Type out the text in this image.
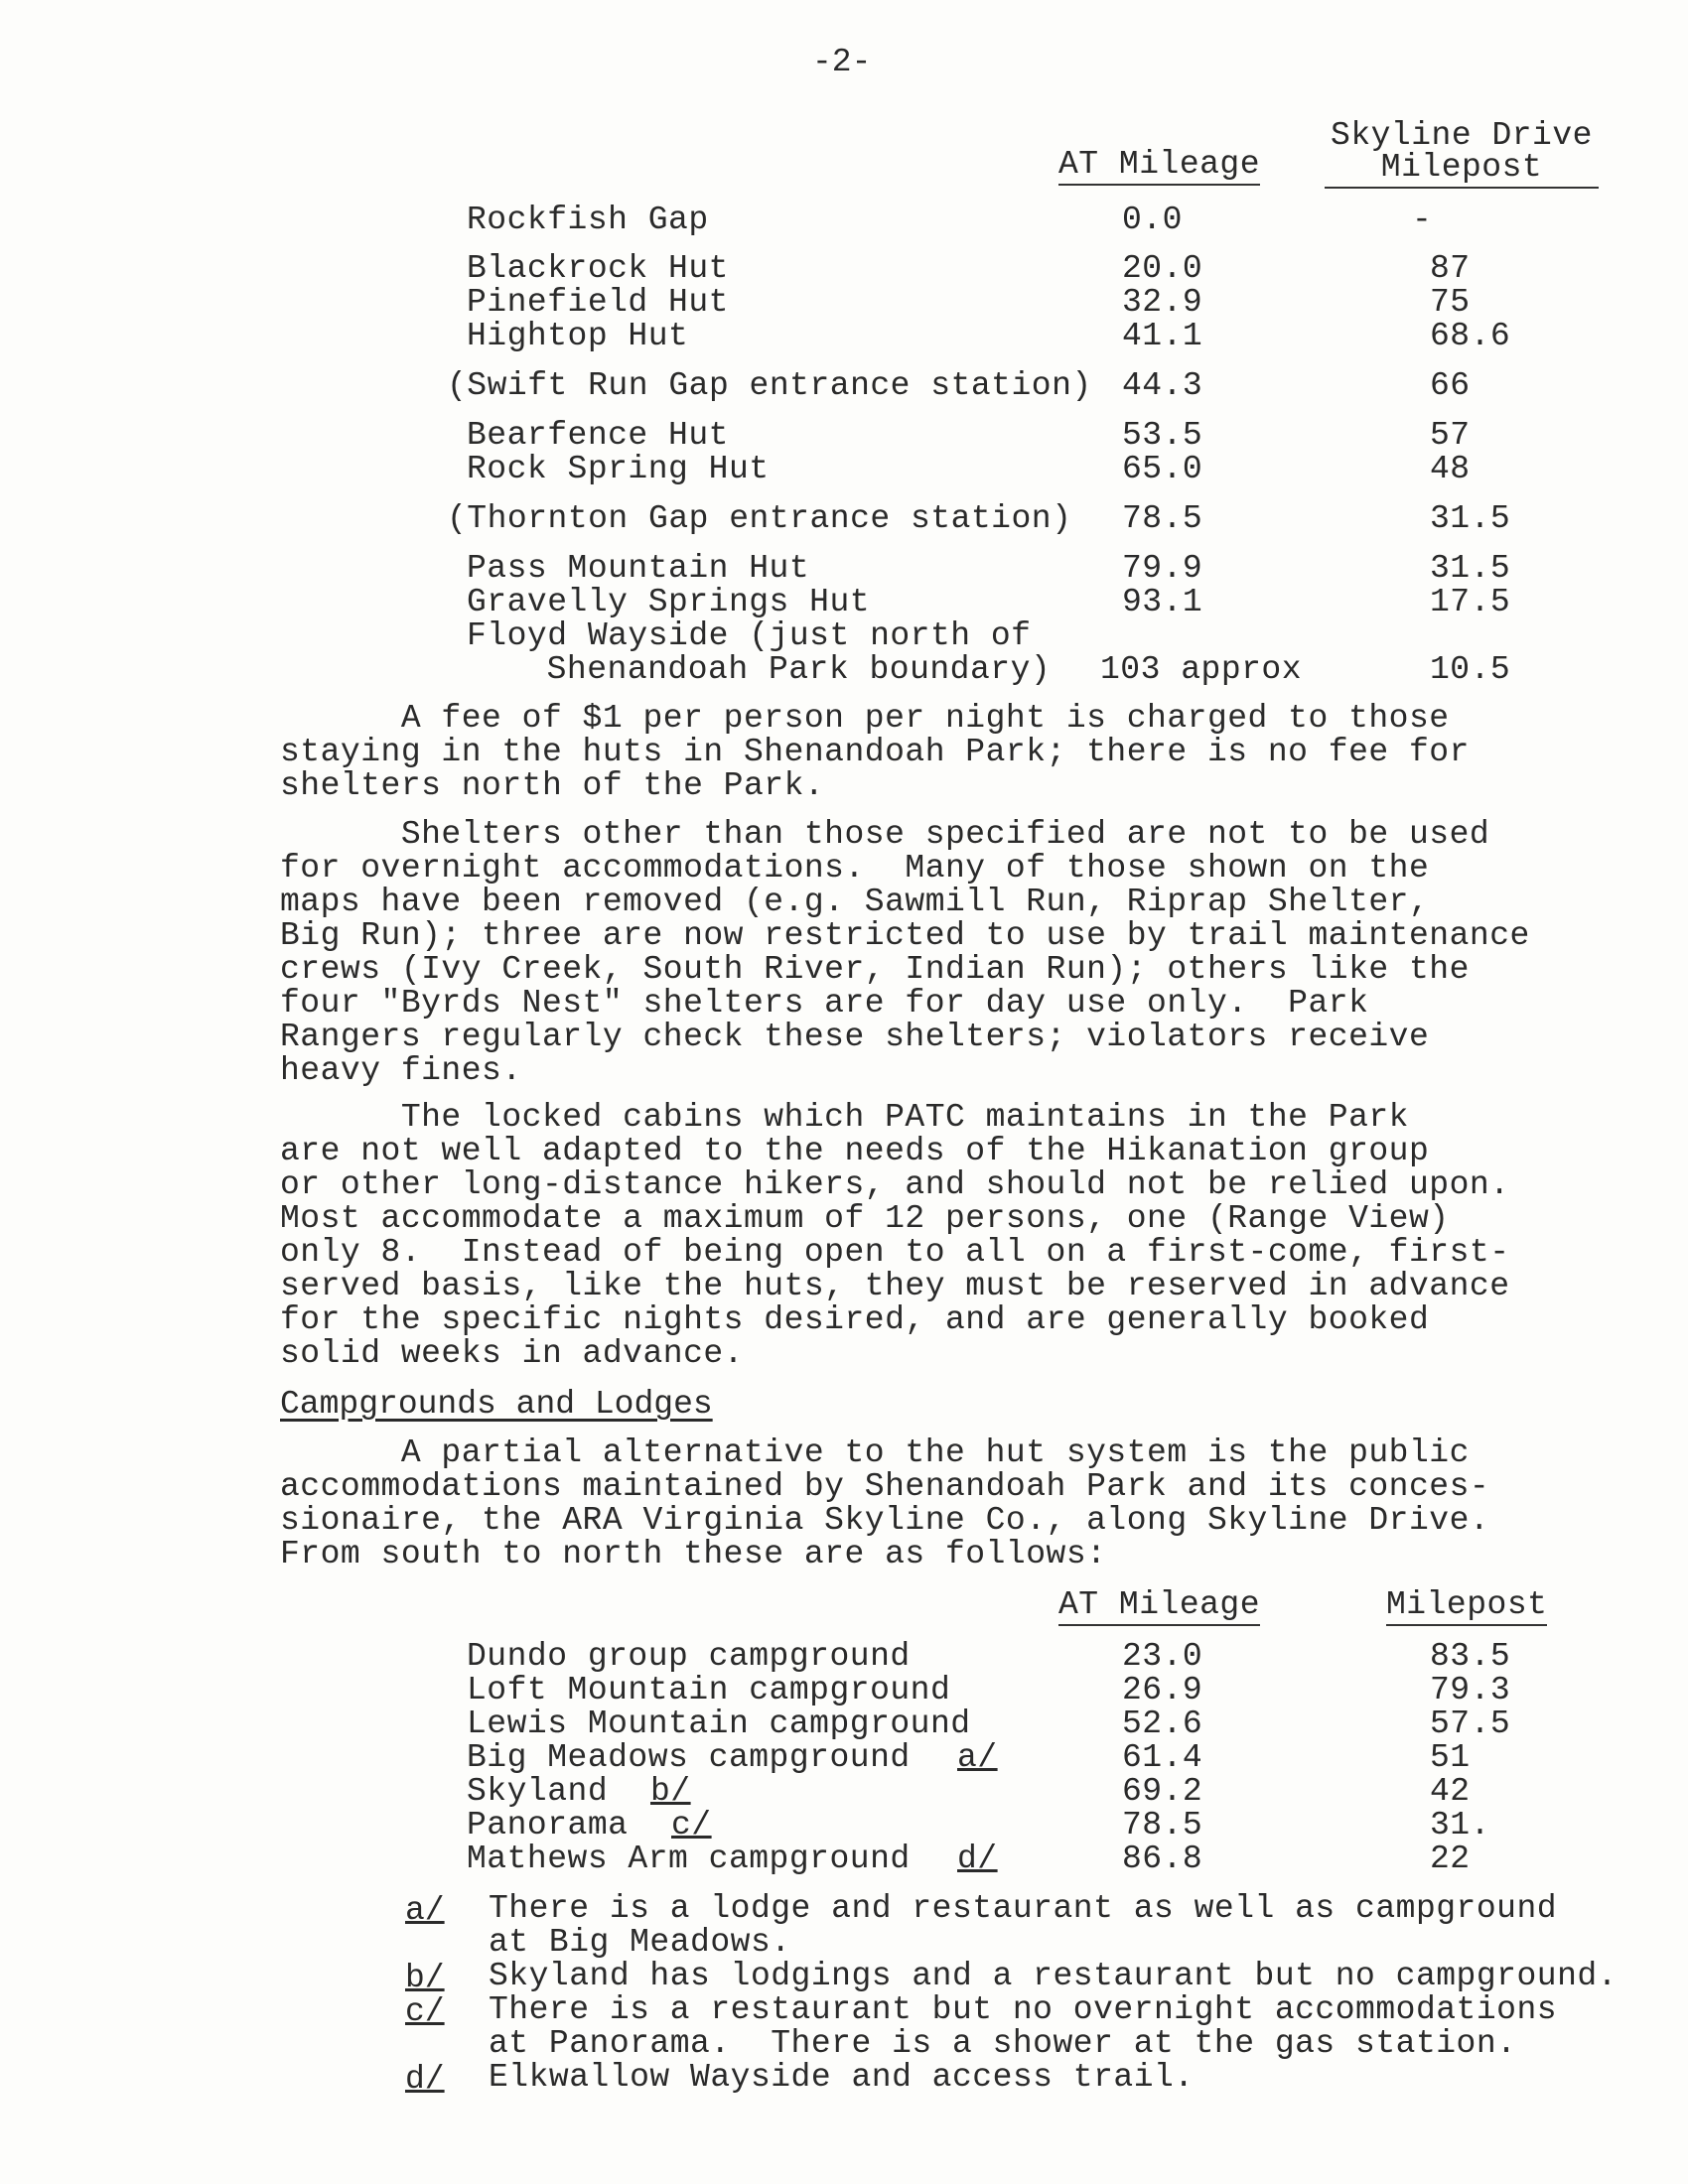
-2-
AT Mileage
Skyline Drive
Milepost
Rockfish Gap	0.0	-
Blackrock Hut	20.0	87
Pinefield Hut	32.9	75
Hightop Hut	41.1	68.6
(Swift Run Gap entrance station) 44.3	66
Bearfence Hut	53.5	57
Rock Spring Hut	65.0	48
(Thornton Gap entrance station) 78.5	31.5
Pass Mountain Hut	79.9	31.5
Gravelly Springs Hut	93.1	17.5
Floyd Wayside (just north of
Shenandoah Park boundary) 103 approx	10.5
A fee of $1 per person per night is charged to those
staying in the huts in Shenandoah Park; there is no fee for
shelters north of the Park.
Shelters other than those specified are not to be used
for overnight accommodations.  Many of those shown on the
maps have been removed (e.g. Sawmill Run, Riprap Shelter,
Big Run); three are now restricted to use by trail maintenance
crews (Ivy Creek, South River, Indian Run); others like the
four "Byrds Nest" shelters are for day use only.  Park
Rangers regularly check these shelters; violators receive
heavy fines.
The locked cabins which PATC maintains in the Park
are not well adapted to the needs of the Hikanation group
or other long-distance hikers, and should not be relied upon.
Most accommodate a maximum of 12 persons, one (Range View)
only 8.  Instead of being open to all on a first-come, first-
served basis, like the huts, they must be reserved in advance
for the specific nights desired, and are generally booked
solid weeks in advance.
Campgrounds and Lodges
A partial alternative to the hut system is the public
accommodations maintained by Shenandoah Park and its conces-
sionaire, the ARA Virginia Skyline Co., along Skyline Drive.
From south to north these are as follows:
AT Mileage	Milepost
Dundo group campground	23.0	83.5
Loft Mountain campground	26.9	79.3
Lewis Mountain campground	52.6	57.5
Big Meadows campground a/	61.4	51
Skyland b/	69.2	42
Panorama c/	78.5	31.
Mathews Arm campground d/	86.8	22
a/ There is a lodge and restaurant as well as campground
at Big Meadows.
b/ Skyland has lodgings and a restaurant but no campground.
c/ There is a restaurant but no overnight accommodations
at Panorama.  There is a shower at the gas station.
d/ Elkwallow Wayside and access trail.
